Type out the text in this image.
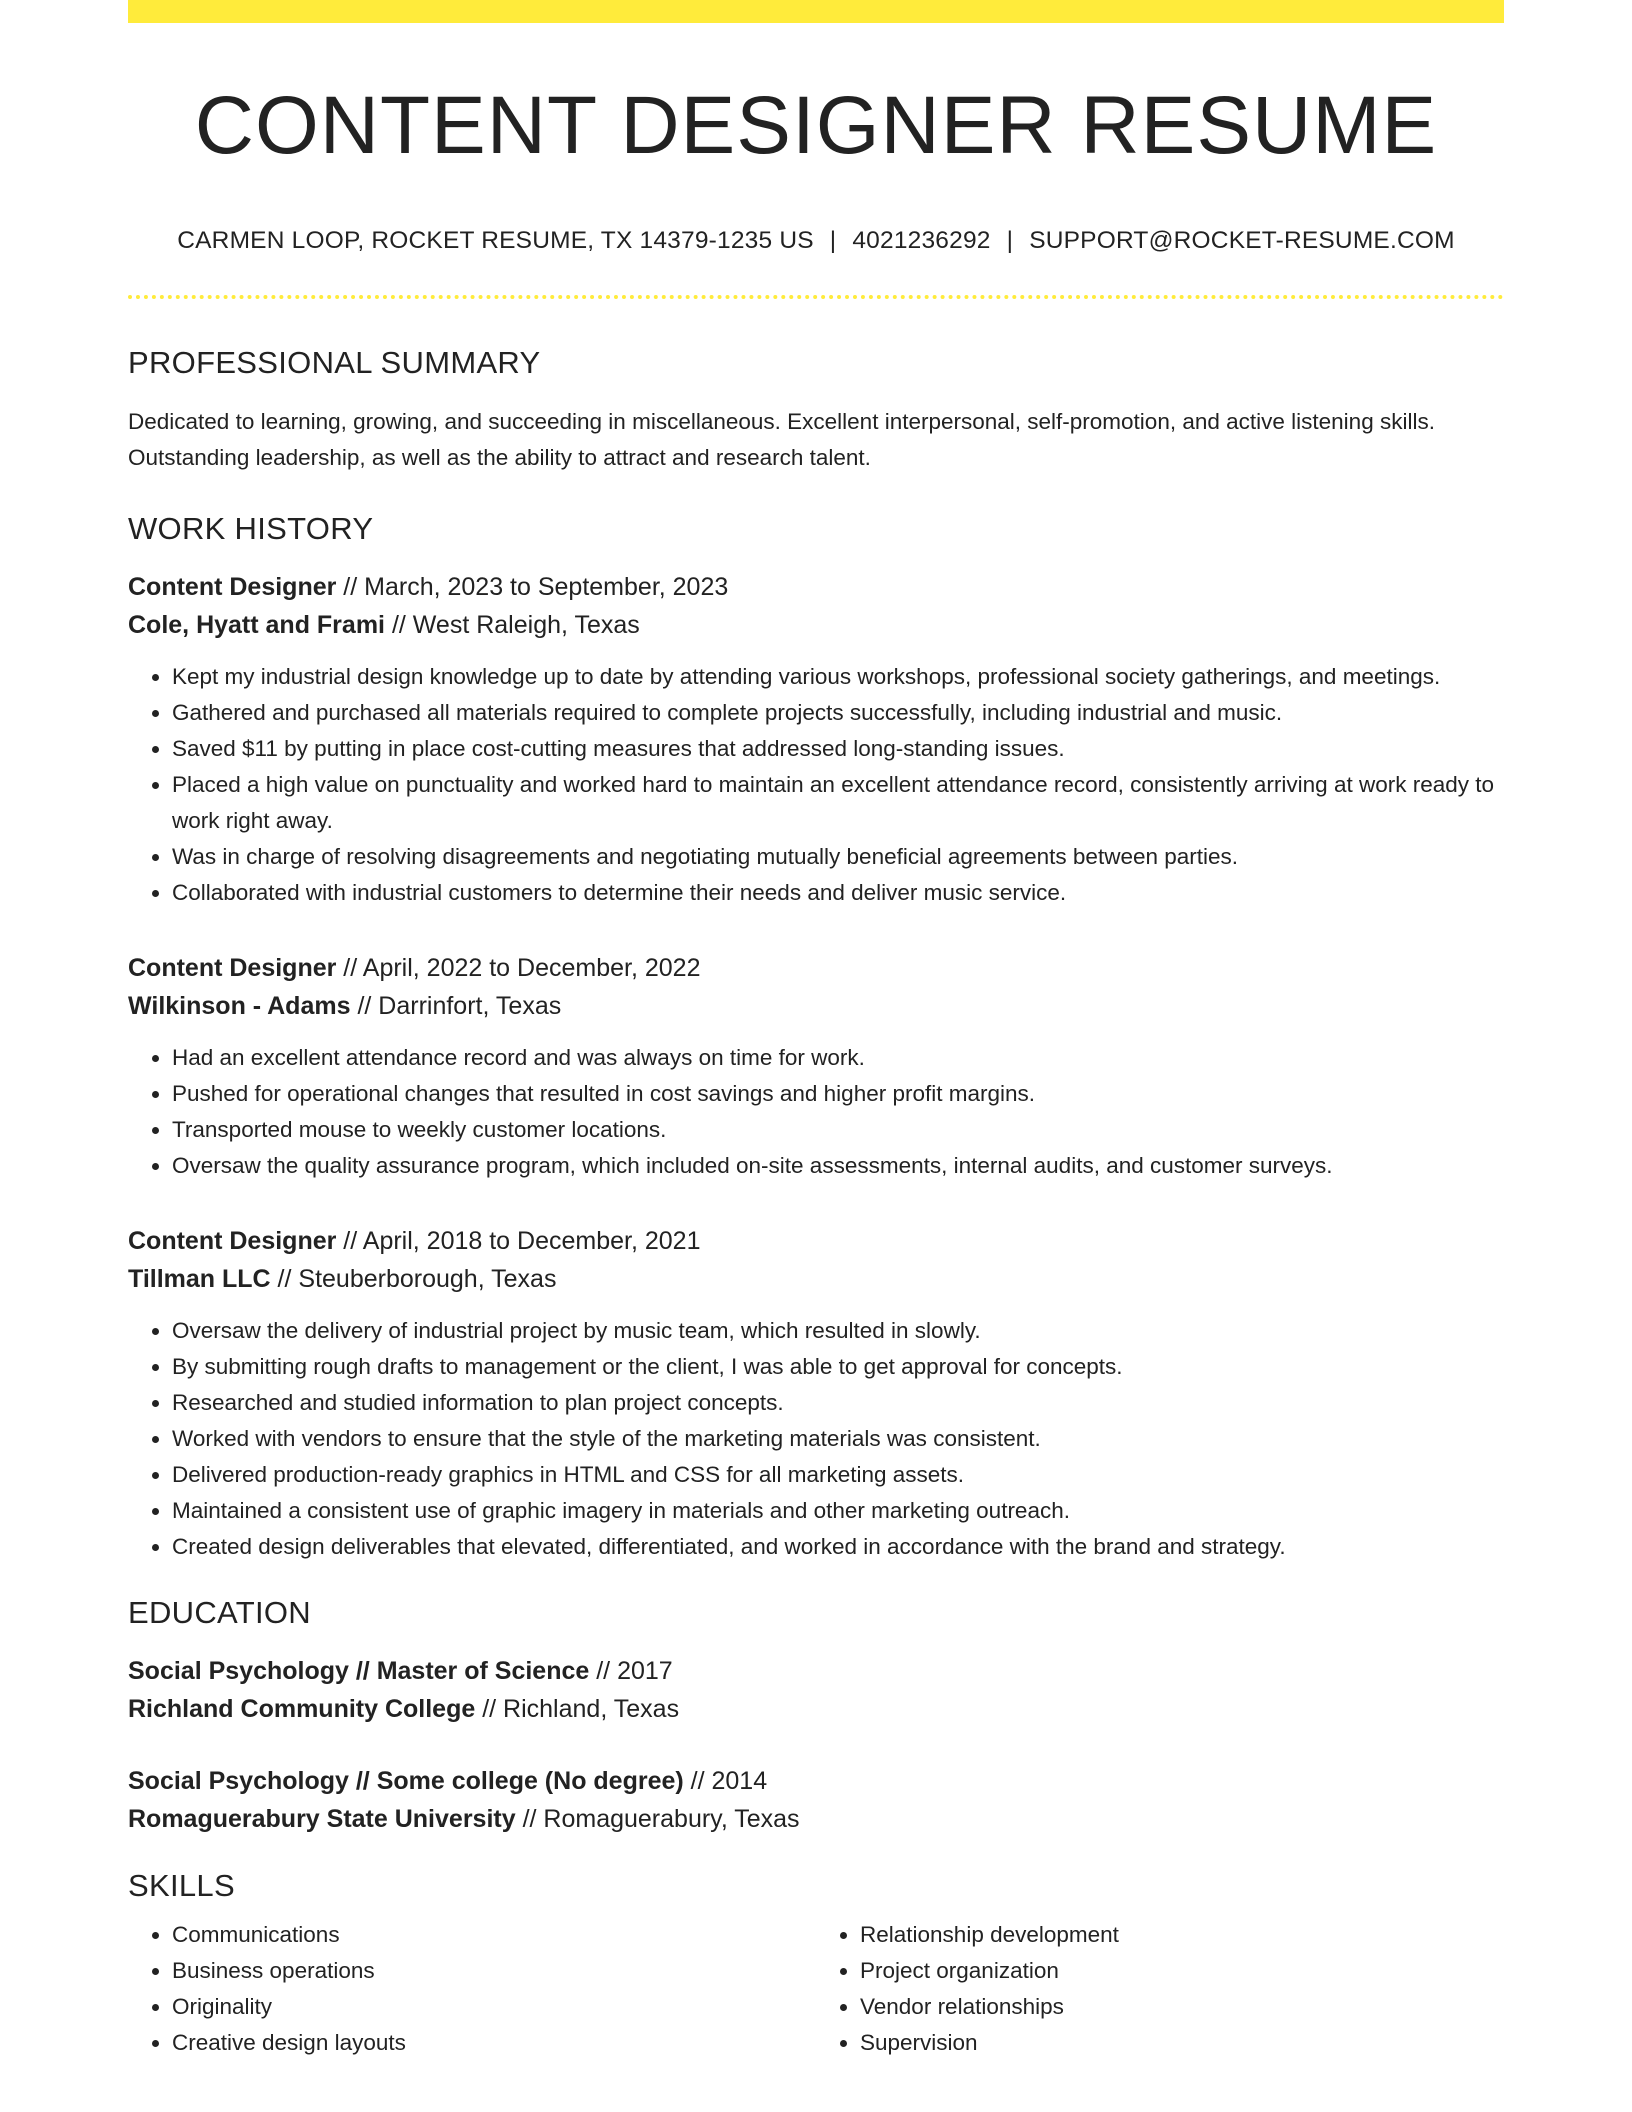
CONTENT DESIGNER RESUME
CARMEN LOOP, ROCKET RESUME, TX 14379-1235 US | 4021236292 | SUPPORT@ROCKET-RESUME.COM
PROFESSIONAL SUMMARY
Dedicated to learning, growing, and succeeding in miscellaneous. Excellent interpersonal, self-promotion, and active listening skills. Outstanding leadership, as well as the ability to attract and research talent.
WORK HISTORY
Content Designer // March, 2023 to September, 2023
Cole, Hyatt and Frami // West Raleigh, Texas
• Kept my industrial design knowledge up to date by attending various workshops, professional society gatherings, and meetings.
• Gathered and purchased all materials required to complete projects successfully, including industrial and music.
• Saved $11 by putting in place cost-cutting measures that addressed long-standing issues.
• Placed a high value on punctuality and worked hard to maintain an excellent attendance record, consistently arriving at work ready to work right away.
• Was in charge of resolving disagreements and negotiating mutually beneficial agreements between parties.
• Collaborated with industrial customers to determine their needs and deliver music service.
Content Designer // April, 2022 to December, 2022
Wilkinson - Adams // Darrinfort, Texas
• Had an excellent attendance record and was always on time for work.
• Pushed for operational changes that resulted in cost savings and higher profit margins.
• Transported mouse to weekly customer locations.
• Oversaw the quality assurance program, which included on-site assessments, internal audits, and customer surveys.
Content Designer // April, 2018 to December, 2021
Tillman LLC // Steuberborough, Texas
• Oversaw the delivery of industrial project by music team, which resulted in slowly.
• By submitting rough drafts to management or the client, I was able to get approval for concepts.
• Researched and studied information to plan project concepts.
• Worked with vendors to ensure that the style of the marketing materials was consistent.
• Delivered production-ready graphics in HTML and CSS for all marketing assets.
• Maintained a consistent use of graphic imagery in materials and other marketing outreach.
• Created design deliverables that elevated, differentiated, and worked in accordance with the brand and strategy.
EDUCATION
Social Psychology // Master of Science // 2017
Richland Community College // Richland, Texas
Social Psychology // Some college (No degree) // 2014
Romaguerabury State University // Romaguerabury, Texas
SKILLS
• Communications
• Business operations
• Originality
• Creative design layouts
• Relationship development
• Project organization
• Vendor relationships
• Supervision
